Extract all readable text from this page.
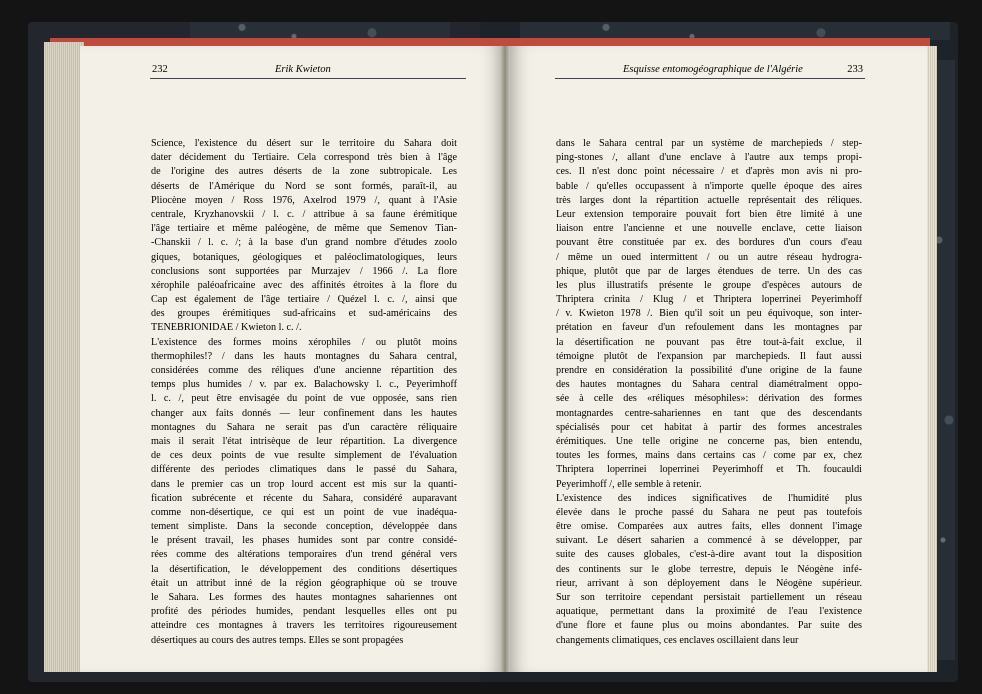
232	Erik Kwieton	Esquisse entomogéographique de l'Algérie	233
Science, l'existence du désert sur le territoire du Sahara doit
dater décidement du Tertiaire. Cela correspond très bien à l'âge
de l'origine des autres déserts de la zone subtropicale. Les
déserts de l'Amérique du Nord se sont formés, paraît-il, au
Pliocène moyen / Ross 1976, Axelrod 1979 /, quant à l'Asie
centrale, Kryzhanovskii / l. c. / attribue à sa faune érémitique
l'âge tertiaire et même paléogène, de même que Semenov Tian-
-Chanskii / l. c. /; à la base d'un grand nombre d'études zoolo
giques, botaniques, géologiques et paléoclimatologiques, leurs
conclusions sont supportées par Murzajev / 1966 /. La flore
xérophile paléoafricaine avec des affinités étroites à la flore du
Cap est également de l'âge tertiaire / Quézel l. c. /, ainsi que
des groupes érémitiques sud-africains et sud-américains des
TENEBRIONIDAE / Kwieton l. c. /.
L'existence des formes moins xérophiles / ou plutôt moins
thermophiles!? / dans les hauts montagnes du Sahara central,
considérées comme des réliques d'une ancienne répartition des
temps plus humides / v. par ex. Balachowsky l. c., Peyerimhoff
l. c. /, peut être envisagée du point de vue opposée, sans rien
changer aux faits donnés — leur confinement dans les hautes
montagnes du Sahara ne serait pas d'un caractère réliquaire
mais il serait l'état intrisèque de leur répartition. La divergence
de ces deux points de vue resulte simplement de l'évaluation
différente des periodes climatiques dans le passé du Sahara,
dans le premier cas un trop lourd accent est mis sur la quanti-
fication subrécente et récente du Sahara, considéré auparavant
comme non-désertique, ce qui est un point de vue inadéqua-
tement simpliste. Dans la seconde conception, développée dans
le présent travail, les phases humides sont par contre considé-
rées comme des altérations temporaires d'un trend général vers
la désertification, le développement des conditions désertiques
était un attribut inné de la région géographique où se trouve
le Sahara. Les formes des hautes montagnes sahariennes ont
profité des périodes humides, pendant lesquelles elles ont pu
atteindre ces montagnes à travers les territoires rigoureusement
désertiques au cours des autres temps. Elles se sont propagées
dans le Sahara central par un système de marchepieds / step-
ping-stones /, allant d'une enclave à l'autre aux temps propi-
ces. Il n'est donc point nécessaire / et d'après mon avis ni pro-
bable / qu'elles occupassent à n'importe quelle époque des aires
très larges dont la répartition actuelle représentait des réliques.
Leur extension temporaire pouvait fort bien être limité à une
liaison entre l'ancienne et une nouvelle enclave, cette liaison
pouvant être constituée par ex. des bordures d'un cours d'eau
/ même un oued intermittent / ou un autre réseau hydrogra-
phique, plutôt que par de larges étendues de terre. Un des cas
les plus illustratifs présente le groupe d'espèces autours de
Thriptera crinita / Klug / et Thriptera loperrinei Peyerimhoff
/ v. Kwieton 1978 /. Bien qu'il soit un peu équivoque, son inter-
prétation en faveur d'un refoulement dans les montagnes par
la désertification ne pouvant pas être tout-à-fait exclue, il
témoigne plutôt de l'expansion par marchepieds. Il faut aussi
prendre en considération la possibilité d'une origine de la faune
des hautes montagnes du Sahara central diamétralment oppo-
sée à celle des «réliques mésophiles»: dérivation des formes
montagnardes centre-sahariennes en tant que des descendants
spécialisés pour cet habitat à partir des formes ancestrales
érémitiques. Une telle origine ne concerne pas, bien entendu,
toutes les formes, mains dans certains cas / come par ex, chez
Thriptera loperrinei loperrinei Peyerimhoff et Th. foucauldi
Peyerimhoff /, elle semble à retenir.
L'existence des indices significatives de l'humidité plus
élevée dans le proche passé du Sahara ne peut pas toutefois
être omise. Comparées aux autres faits, elles donnent l'image
suivant. Le désert saharien a commencé à se développer, par
suite des causes globales, c'est-à-dire avant tout la disposition
des continents sur le globe terrestre, depuis le Néogène infé-
rieur, arrivant à son déployement dans le Néogène supérieur.
Sur son territoire cependant persistait partiellement un réseau
aquatique, permettant dans la proximité de l'eau l'existence
d'une flore et faune plus ou moins abondantes. Par suite des
changements climatiques, ces enclaves oscillaient dans leur
